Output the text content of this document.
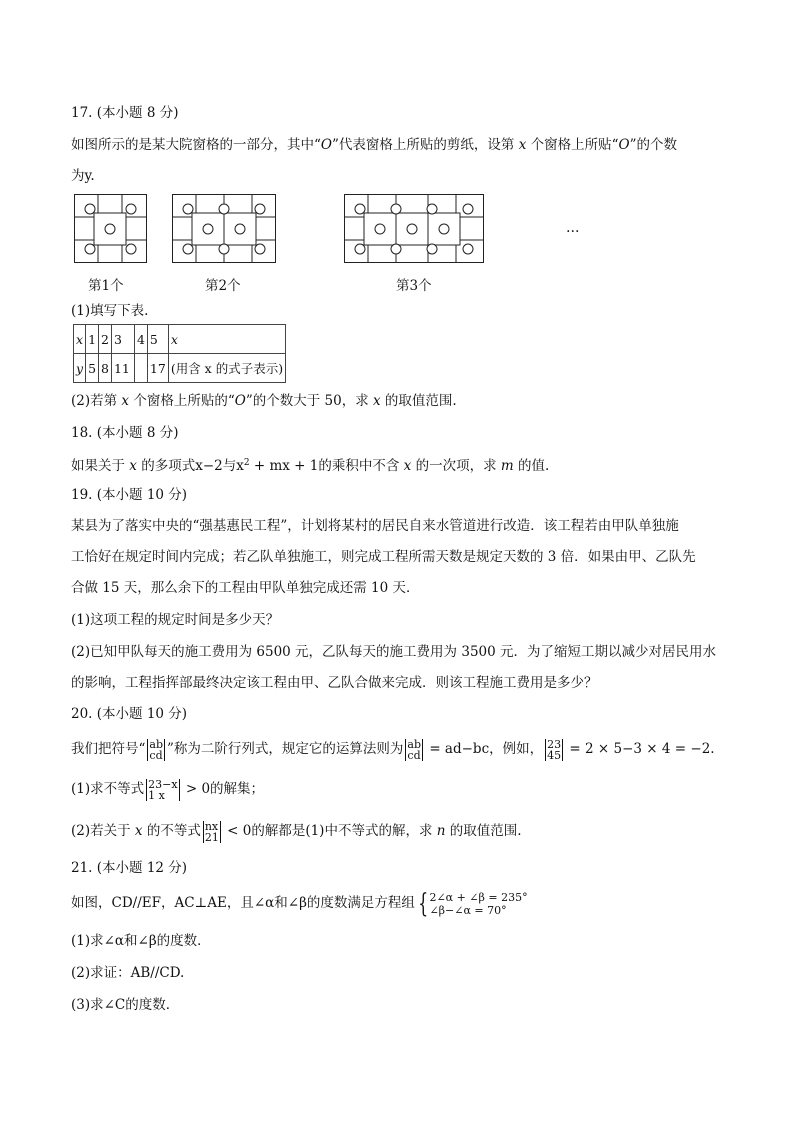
17. (本小题 8 分)
如图所示的是某大院窗格的一部分，其中“O”代表窗格上所贴的剪纸，设第 x 个窗格上所贴“O”的个数
为y.
…
第1个	第2个	第3个
(1)填写下表.
x	1	2	3	4	5	x
y	5	8	11		17	(用含 x 的式子表示)
(2)若第 x 个窗格上所贴的“O”的个数大于 50，求 x 的取值范围.
18. (本小题 8 分)
如果关于 x 的多项式x−2与$x^2$ + mx + 1的乘积中不含 x 的一次项，求 m 的值.
19. (本小题 10 分)
某县为了落实中央的“强基惠民工程”，计划将某村的居民自来水管道进行改造．该工程若由甲队单独施
工恰好在规定时间内完成；若乙队单独施工，则完成工程所需天数是规定天数的 3 倍．如果由甲、乙队先
合做 15 天，那么余下的工程由甲队单独完成还需 10 天．
(1)这项工程的规定时间是多少天？
(2)已知甲队每天的施工费用为 6500 元，乙队每天的施工费用为 3500 元．为了缩短工期以减少对居民用水
的影响，工程指挥部最终决定该工程由甲、乙队合做来完成．则该工程施工费用是多少？
20. (本小题 10 分)
我们把符号“ ab
cd ”称为二阶行列式，规定它的运算法则为 ab
cd = ad−bc，例如， 23
45 = 2 × 5−3 × 4 = −2.
(1)求不等式 23−x
1 x	> 0的解集；
(2)若关于 x 的不等式 nx
21 < 0的解都是(1)中不等式的解，求 n 的取值范围.
21. (本小题 12 分)
如图，CD//EF，AC⊥AE，且∠α和∠β的度数满足方程组 { 2∠α + ∠β = 235°
∠β−∠α = 70°
(1)求∠α和∠β的度数．
(2)求证：AB//CD.
(3)求∠C的度数．
